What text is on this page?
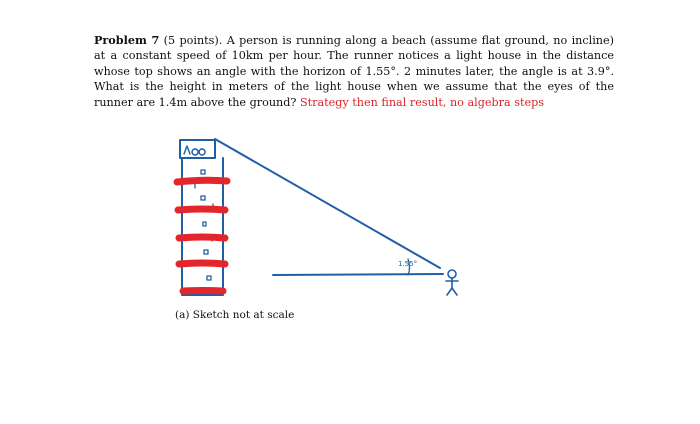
Problem 7 (5 points). A person is running along a beach (assume flat ground, no incline) at a constant speed of 10km per hour. The runner notices a light house in the distance whose top shows an angle with the horizon of 1.55°. 2 minutes later, the angle is at 3.9°. What is the height in meters of the light house when we assume that the eyes of the runner are 1.4m above the ground? Strategy then final result, no algebra steps
1.55°
(a) Sketch not at scale
